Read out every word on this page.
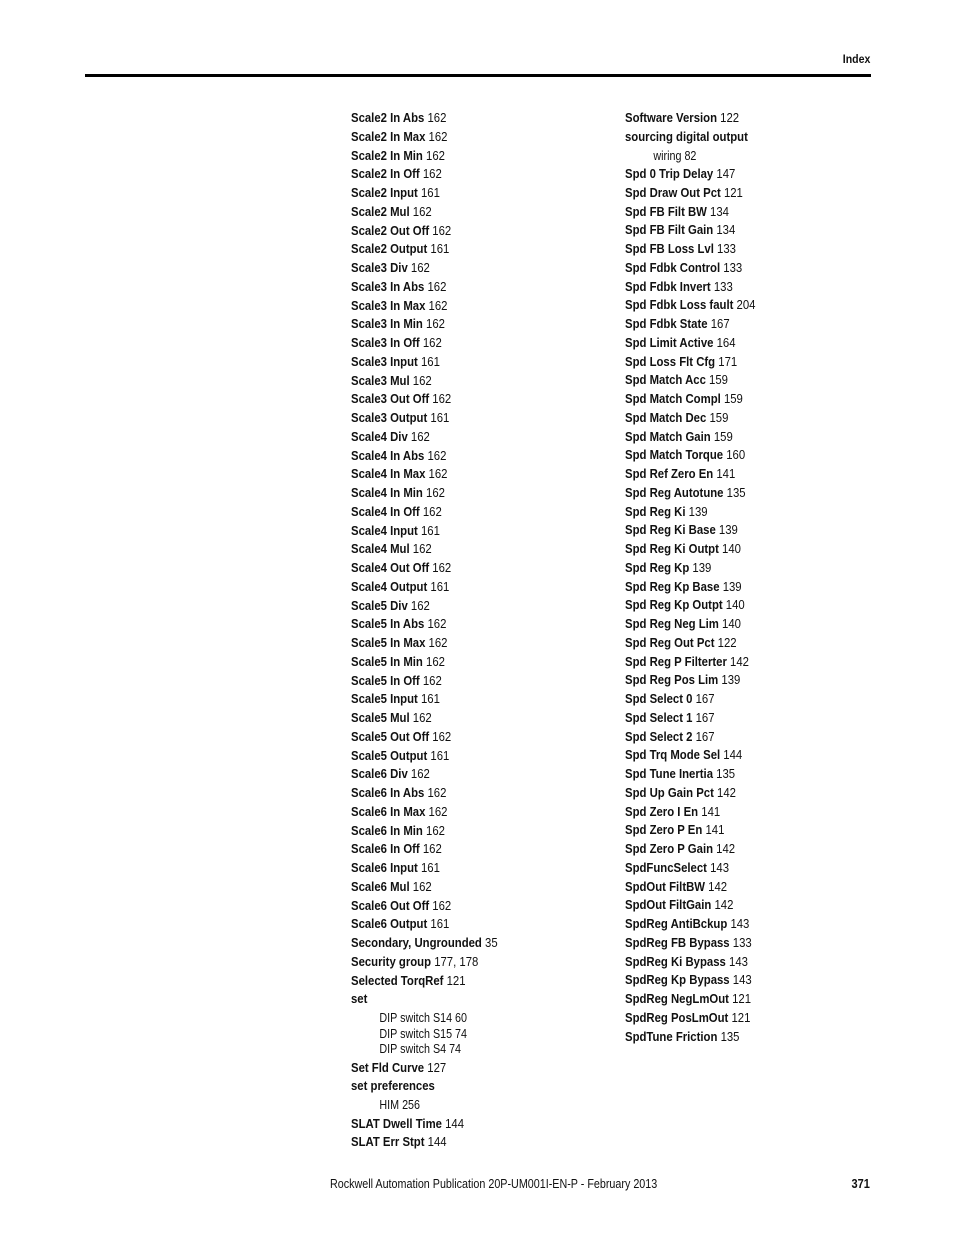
Index
Scale2 In Abs 162
Scale2 In Max 162
Scale2 In Min 162
Scale2 In Off 162
Scale2 Input 161
Scale2 Mul 162
Scale2 Out Off 162
Scale2 Output 161
Scale3 Div 162
Scale3 In Abs 162
Scale3 In Max 162
Scale3 In Min 162
Scale3 In Off 162
Scale3 Input 161
Scale3 Mul 162
Scale3 Out Off 162
Scale3 Output 161
Scale4 Div 162
Scale4 In Abs 162
Scale4 In Max 162
Scale4 In Min 162
Scale4 In Off 162
Scale4 Input 161
Scale4 Mul 162
Scale4 Out Off 162
Scale4 Output 161
Scale5 Div 162
Scale5 In Abs 162
Scale5 In Max 162
Scale5 In Min 162
Scale5 In Off 162
Scale5 Input 161
Scale5 Mul 162
Scale5 Out Off 162
Scale5 Output 161
Scale6 Div 162
Scale6 In Abs 162
Scale6 In Max 162
Scale6 In Min 162
Scale6 In Off 162
Scale6 Input 161
Scale6 Mul 162
Scale6 Out Off 162
Scale6 Output 161
Secondary, Ungrounded 35
Security group 177, 178
Selected TorqRef 121
set
DIP switch S14 60
DIP switch S15 74
DIP switch S4 74
Set Fld Curve 127
set preferences
HIM 256
SLAT Dwell Time 144
SLAT Err Stpt 144
Software Version 122
sourcing digital output
wiring 82
Spd 0 Trip Delay 147
Spd Draw Out Pct 121
Spd FB Filt BW 134
Spd FB Filt Gain 134
Spd FB Loss Lvl 133
Spd Fdbk Control 133
Spd Fdbk Invert 133
Spd Fdbk Loss fault 204
Spd Fdbk State 167
Spd Limit Active 164
Spd Loss Flt Cfg 171
Spd Match Acc 159
Spd Match Compl 159
Spd Match Dec 159
Spd Match Gain 159
Spd Match Torque 160
Spd Ref Zero En 141
Spd Reg Autotune 135
Spd Reg Ki 139
Spd Reg Ki Base 139
Spd Reg Ki Outpt 140
Spd Reg Kp 139
Spd Reg Kp Base 139
Spd Reg Kp Outpt 140
Spd Reg Neg Lim 140
Spd Reg Out Pct 122
Spd Reg P Filterter 142
Spd Reg Pos Lim 139
Spd Select 0 167
Spd Select 1 167
Spd Select 2 167
Spd Trq Mode Sel 144
Spd Tune Inertia 135
Spd Up Gain Pct 142
Spd Zero I En 141
Spd Zero P En 141
Spd Zero P Gain 142
SpdFuncSelect 143
SpdOut FiltBW 142
SpdOut FiltGain 142
SpdReg AntiBckup 143
SpdReg FB Bypass 133
SpdReg Ki Bypass 143
SpdReg Kp Bypass 143
SpdReg NegLmOut 121
SpdReg PosLmOut 121
SpdTune Friction 135
Rockwell Automation Publication 20P-UM001I-EN-P - February 2013	371
